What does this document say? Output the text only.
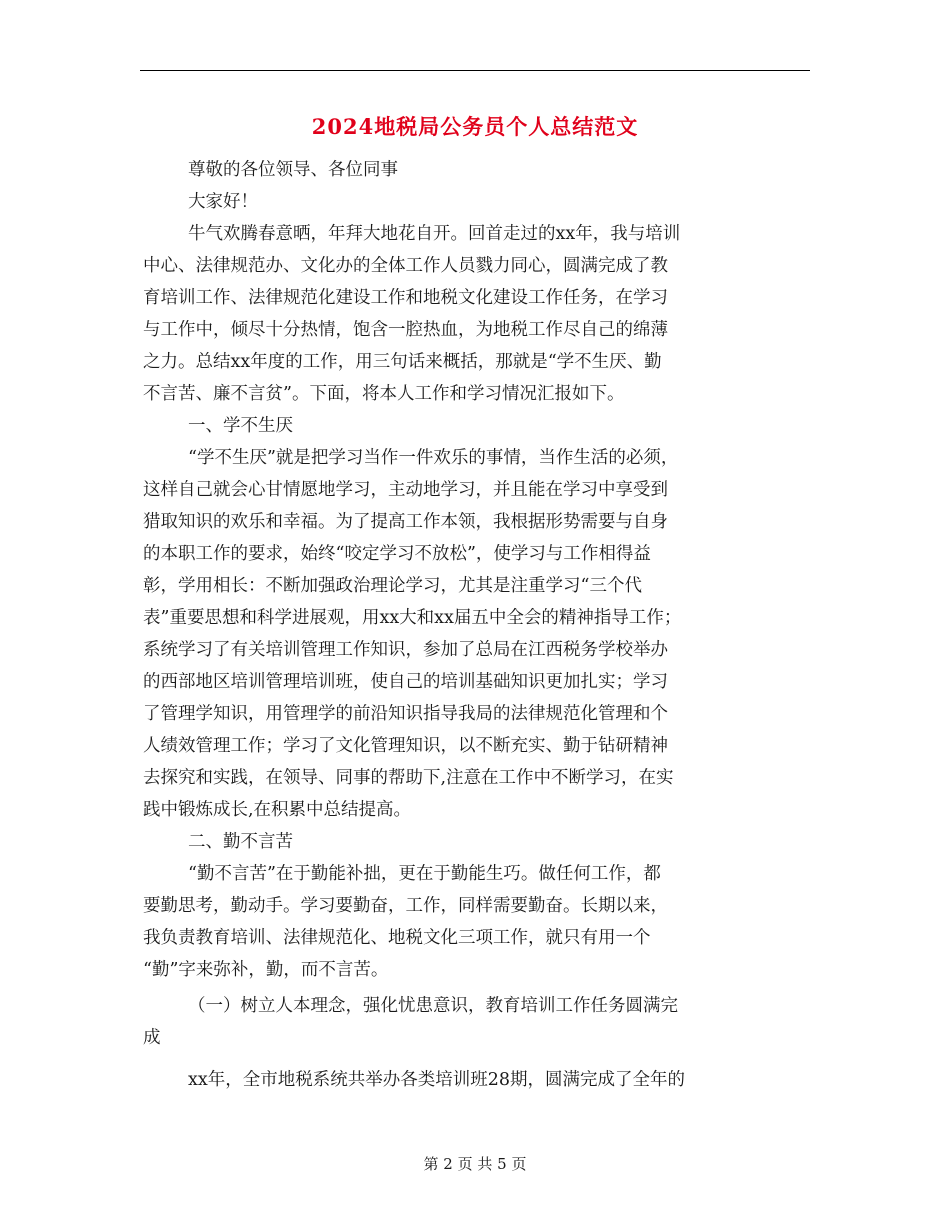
2024地税局公务员个人总结范文
尊敬的各位领导、各位同事
大家好！
牛气欢腾春意晒，年拜大地花自开。回首走过的xx年，我与培训
中心、法律规范办、文化办的全体工作人员戮力同心，圆满完成了教
育培训工作、法律规范化建设工作和地税文化建设工作任务，在学习
与工作中，倾尽十分热情，饱含一腔热血，为地税工作尽自己的绵薄
之力。总结xx年度的工作，用三句话来概括，那就是“学不生厌、勤
不言苦、廉不言贫”。下面，将本人工作和学习情况汇报如下。
一、学不生厌
“学不生厌”就是把学习当作一件欢乐的事情，当作生活的必须，
这样自己就会心甘情愿地学习，主动地学习，并且能在学习中享受到
猎取知识的欢乐和幸福。为了提高工作本领，我根据形势需要与自身
的本职工作的要求，始终“咬定学习不放松”，使学习与工作相得益
彰，学用相长：不断加强政治理论学习，尤其是注重学习“三个代
表”重要思想和科学进展观，用xx大和xx届五中全会的精神指导工作；
系统学习了有关培训管理工作知识，参加了总局在江西税务学校举办
的西部地区培训管理培训班，使自己的培训基础知识更加扎实；学习
了管理学知识，用管理学的前沿知识指导我局的法律规范化管理和个
人绩效管理工作；学习了文化管理知识，以不断充实、勤于钻研精神
去探究和实践，在领导、同事的帮助下,注意在工作中不断学习，在实
践中锻炼成长,在积累中总结提高。
二、勤不言苦
“勤不言苦”在于勤能补拙，更在于勤能生巧。做任何工作，都
要勤思考，勤动手。学习要勤奋，工作，同样需要勤奋。长期以来，
我负责教育培训、法律规范化、地税文化三项工作，就只有用一个
“勤”字来弥补，勤，而不言苦。
（一）树立人本理念，强化忧患意识，教育培训工作任务圆满完
成
xx年，全市地税系统共举办各类培训班28期，圆满完成了全年的
第 2 页 共 5 页
